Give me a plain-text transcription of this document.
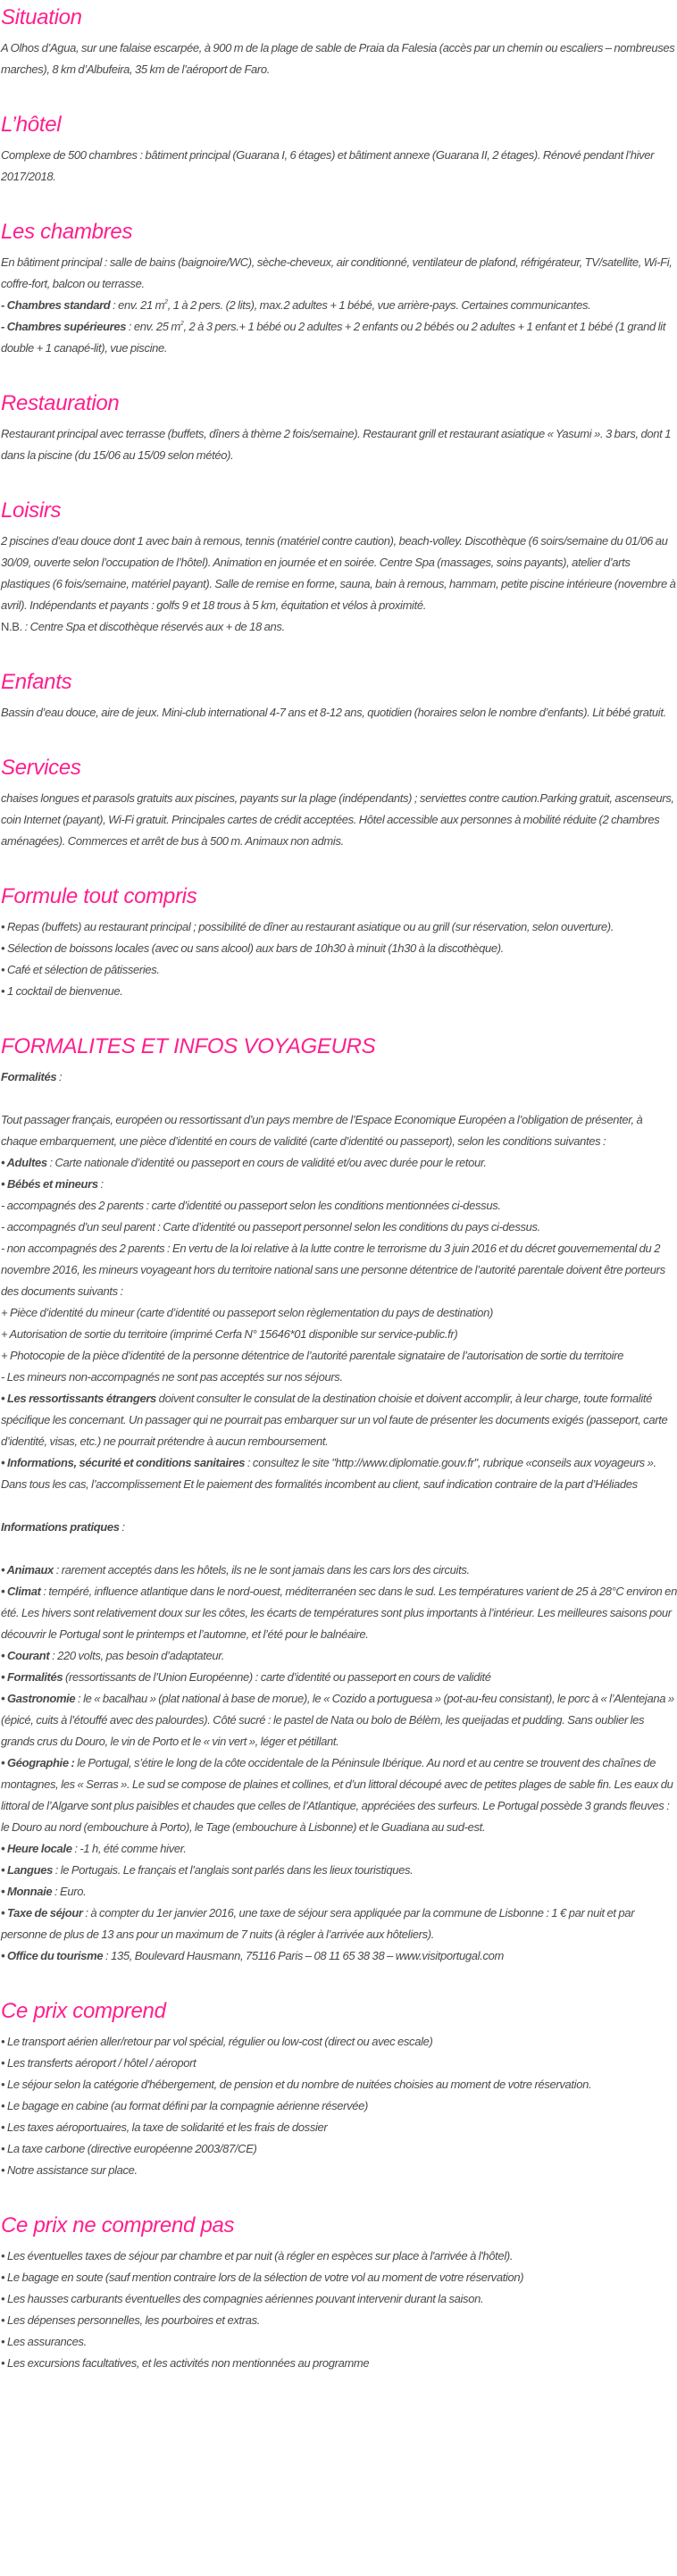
Situation

A Olhos d’Agua, sur une falaise escarpée, à 900 m de la plage de sable de Praia da Falesia (accès par un chemin ou escaliers – nombreuses marches), 8 km d’Albufeira, 35 km de l’aéroport de Faro.

L’hôtel

Complexe de 500 chambres : bâtiment principal (Guarana I, 6 étages) et bâtiment annexe (Guarana II, 2 étages). Rénové pendant l’hiver 2017/2018.

Les chambres

En bâtiment principal : salle de bains (baignoire/WC), sèche-cheveux, air conditionné, ventilateur de plafond, réfrigérateur, TV/satellite, Wi-Fi, coffre-fort, balcon ou terrasse.

- Chambres standard : env. 21 $m^2$, 1 à 2 pers. (2 lits), max.2 adultes + 1 bébé, vue arrière-pays. Certaines communicantes.

- Chambres supérieures : env. 25 $m^2$, 2 à 3 pers.+ 1 bébé ou 2 adultes + 2 enfants ou 2 bébés ou 2 adultes + 1 enfant et 1 bébé (1 grand lit double + 1 canapé-lit), vue piscine.

Restauration

Restaurant principal avec terrasse (buffets, dîners à thème 2 fois/semaine). Restaurant grill et restaurant asiatique « Yasumi ». 3 bars, dont 1 dans la piscine (du 15/06 au 15/09 selon météo).

Loisirs

2 piscines d’eau douce dont 1 avec bain à remous, tennis (matériel contre caution), beach-volley. Discothèque (6 soirs/semaine du 01/06 au 30/09, ouverte selon l’occupation de l’hôtel). Animation en journée et en soirée. Centre Spa (massages, soins payants), atelier d’arts plastiques (6 fois/semaine, matériel payant). Salle de remise en forme, sauna, bain à remous, hammam, petite piscine intérieure (novembre à avril). Indépendants et payants : golfs 9 et 18 trous à 5 km, équitation et vélos à proximité.

N.B. : Centre Spa et discothèque réservés aux + de 18 ans.

Enfants

Bassin d’eau douce, aire de jeux. Mini-club international 4-7 ans et 8-12 ans, quotidien (horaires selon le nombre d’enfants). Lit bébé gratuit.

Services

chaises longues et parasols gratuits aux piscines, payants sur la plage (indépendants) ; serviettes contre caution.Parking gratuit, ascenseurs, coin Internet (payant), Wi-Fi gratuit. Principales cartes de crédit acceptées. Hôtel accessible aux personnes à mobilité réduite (2 chambres aménagées). Commerces et arrêt de bus à 500 m. Animaux non admis.

Formule tout compris

• Repas (buffets) au restaurant principal ; possibilité de dîner au restaurant asiatique ou au grill (sur réservation, selon ouverture).

• Sélection de boissons locales (avec ou sans alcool) aux bars de 10h30 à minuit (1h30 à la discothèque).

• Café et sélection de pâtisseries.

• 1 cocktail de bienvenue.

FORMALITES ET INFOS VOYAGEURS

Formalités :

Tout passager français, européen ou ressortissant d’un pays membre de l’Espace Economique Européen a l’obligation de présenter, à chaque embarquement, une pièce d’identité en cours de validité (carte d’identité ou passeport), selon les conditions suivantes :

• Adultes : Carte nationale d’identité ou passeport en cours de validité et/ou avec durée pour le retour.

• Bébés et mineurs :

- accompagnés des 2 parents : carte d’identité ou passeport selon les conditions mentionnées ci-dessus.

- accompagnés d’un seul parent : Carte d’identité ou passeport personnel selon les conditions du pays ci-dessus.

- non accompagnés des 2 parents : En vertu de la loi relative à la lutte contre le terrorisme du 3 juin 2016 et du décret gouvernemental du 2 novembre 2016, les mineurs voyageant hors du territoire national sans une personne détentrice de l’autorité parentale doivent être porteurs des documents suivants :

+ Pièce d’identité du mineur (carte d’identité ou passeport selon règlementation du pays de destination)

+ Autorisation de sortie du territoire (imprimé Cerfa N° 15646*01 disponible sur service-public.fr)

+ Photocopie de la pièce d’identité de la personne détentrice de l’autorité parentale signataire de l’autorisation de sortie du territoire

- Les mineurs non-accompagnés ne sont pas acceptés sur nos séjours.

• Les ressortissants étrangers doivent consulter le consulat de la destination choisie et doivent accomplir, à leur charge, toute formalité spécifique les concernant. Un passager qui ne pourrait pas embarquer sur un vol faute de présenter les documents exigés (passeport, carte d’identité, visas, etc.) ne pourrait prétendre à aucun remboursement.

• Informations, sécurité et conditions sanitaires : consultez le site "http://www.diplomatie.gouv.fr", rubrique «conseils aux voyageurs ». Dans tous les cas, l’accomplissement Et le paiement des formalités incombent au client, sauf indication contraire de la part d’Héliades

Informations pratiques :

• Animaux : rarement acceptés dans les hôtels, ils ne le sont jamais dans les cars lors des circuits.

• Climat : tempéré, influence atlantique dans le nord-ouest, méditerranéen sec dans le sud. Les températures varient de 25 à 28°C environ en été. Les hivers sont relativement doux sur les côtes, les écarts de températures sont plus importants à l’intérieur. Les meilleures saisons pour découvrir le Portugal sont le printemps et l’automne, et l’été pour le balnéaire.

• Courant : 220 volts, pas besoin d’adaptateur.

• Formalités (ressortissants de l’Union Européenne) : carte d’identité ou passeport en cours de validité

• Gastronomie : le « bacalhau » (plat national à base de morue), le « Cozido a portuguesa » (pot-au-feu consistant), le porc à « l’Alentejana » (épicé, cuits à l’étouffé avec des palourdes). Côté sucré : le pastel de Nata ou bolo de Bélèm, les queijadas et pudding. Sans oublier les grands crus du Douro, le vin de Porto et le « vin vert », léger et pétillant.

• Géographie : le Portugal, s’étire le long de la côte occidentale de la Péninsule Ibérique. Au nord et au centre se trouvent des chaînes de montagnes, les « Serras ». Le sud se compose de plaines et collines, et d’un littoral découpé avec de petites plages de sable fin. Les eaux du littoral de l’Algarve sont plus paisibles et chaudes que celles de l’Atlantique, appréciées des surfeurs. Le Portugal possède 3 grands fleuves : le Douro au nord (embouchure à Porto), le Tage (embouchure à Lisbonne) et le Guadiana au sud-est.

• Heure locale : -1 h, été comme hiver.

• Langues : le Portugais. Le français et l’anglais sont parlés dans les lieux touristiques.

• Monnaie : Euro.

• Taxe de séjour : à compter du 1er janvier 2016, une taxe de séjour sera appliquée par la commune de Lisbonne : 1 € par nuit et par personne de plus de 13 ans pour un maximum de 7 nuits (à régler à l’arrivée aux hôteliers).

• Office du tourisme : 135, Boulevard Hausmann, 75116 Paris – 08 11 65 38 38 – www.visitportugal.com

Ce prix comprend

• Le transport aérien aller/retour par vol spécial, régulier ou low-cost (direct ou avec escale)

• Les transferts aéroport / hôtel / aéroport

• Le séjour selon la catégorie d'hébergement, de pension et du nombre de nuitées choisies au moment de votre réservation.

• Le bagage en cabine (au format défini par la compagnie aérienne réservée)

• Les taxes aéroportuaires, la taxe de solidarité et les frais de dossier

• La taxe carbone (directive européenne 2003/87/CE)

• Notre assistance sur place.

Ce prix ne comprend pas

• Les éventuelles taxes de séjour par chambre et par nuit (à régler en espèces sur place à l'arrivée à l'hôtel).

• Le bagage en soute (sauf mention contraire lors de la sélection de votre vol au moment de votre réservation)

• Les hausses carburants éventuelles des compagnies aériennes pouvant intervenir durant la saison.

• Les dépenses personnelles, les pourboires et extras.

• Les assurances.

• Les excursions facultatives, et les activités non mentionnées au programme
